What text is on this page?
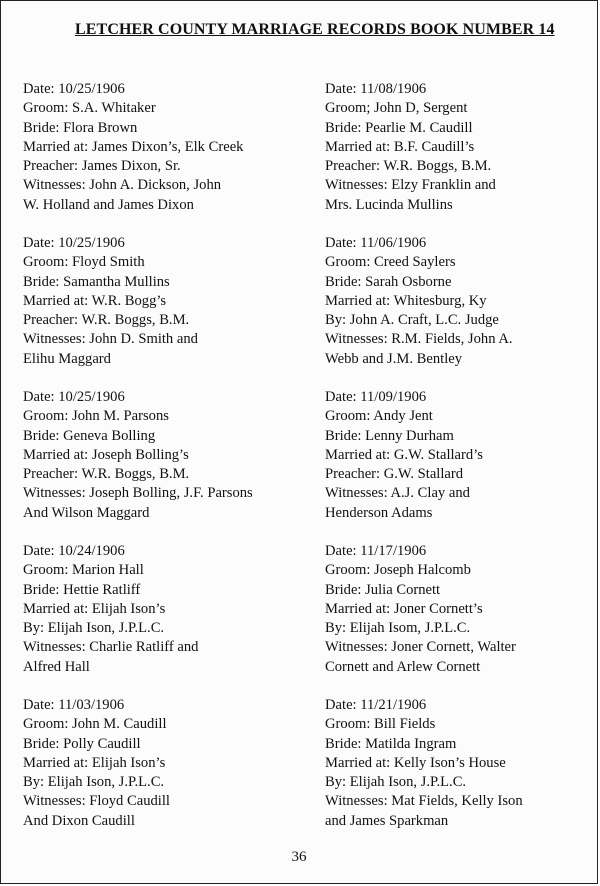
LETCHER COUNTY MARRIAGE RECORDS BOOK NUMBER 14
Date: 10/25/1906
Groom: S.A. Whitaker
Bride: Flora Brown
Married at: James Dixon’s, Elk Creek
Preacher: James Dixon, Sr.
Witnesses: John A. Dickson, John
W. Holland and James Dixon
Date: 10/25/1906
Groom: Floyd Smith
Bride: Samantha Mullins
Married at: W.R. Bogg’s
Preacher: W.R. Boggs, B.M.
Witnesses: John D. Smith and
Elihu Maggard
Date: 10/25/1906
Groom: John M. Parsons
Bride: Geneva Bolling
Married at: Joseph Bolling’s
Preacher: W.R. Boggs, B.M.
Witnesses: Joseph Bolling, J.F. Parsons
And Wilson Maggard
Date: 10/24/1906
Groom: Marion Hall
Bride: Hettie Ratliff
Married at: Elijah Ison’s
By: Elijah Ison, J.P.L.C.
Witnesses: Charlie Ratliff and
Alfred Hall
Date: 11/03/1906
Groom: John M. Caudill
Bride: Polly Caudill
Married at: Elijah Ison’s
By: Elijah Ison, J.P.L.C.
Witnesses: Floyd Caudill
And Dixon Caudill
Date: 11/08/1906
Groom; John D, Sergent
Bride: Pearlie M. Caudill
Married at: B.F. Caudill’s
Preacher: W.R. Boggs, B.M.
Witnesses: Elzy Franklin and
Mrs. Lucinda Mullins
Date: 11/06/1906
Groom: Creed Saylers
Bride: Sarah Osborne
Married at: Whitesburg, Ky
By: John A. Craft, L.C. Judge
Witnesses: R.M. Fields, John A.
Webb and J.M. Bentley
Date: 11/09/1906
Groom: Andy Jent
Bride: Lenny Durham
Married at: G.W. Stallard’s
Preacher: G.W. Stallard
Witnesses: A.J. Clay and
Henderson Adams
Date: 11/17/1906
Groom: Joseph Halcomb
Bride: Julia Cornett
Married at: Joner Cornett’s
By: Elijah Isom, J.P.L.C.
Witnesses: Joner Cornett, Walter
Cornett and Arlew Cornett
Date: 11/21/1906
Groom: Bill Fields
Bride: Matilda Ingram
Married at: Kelly Ison’s House
By: Elijah Ison, J.P.L.C.
Witnesses: Mat Fields, Kelly Ison
and James Sparkman
36
